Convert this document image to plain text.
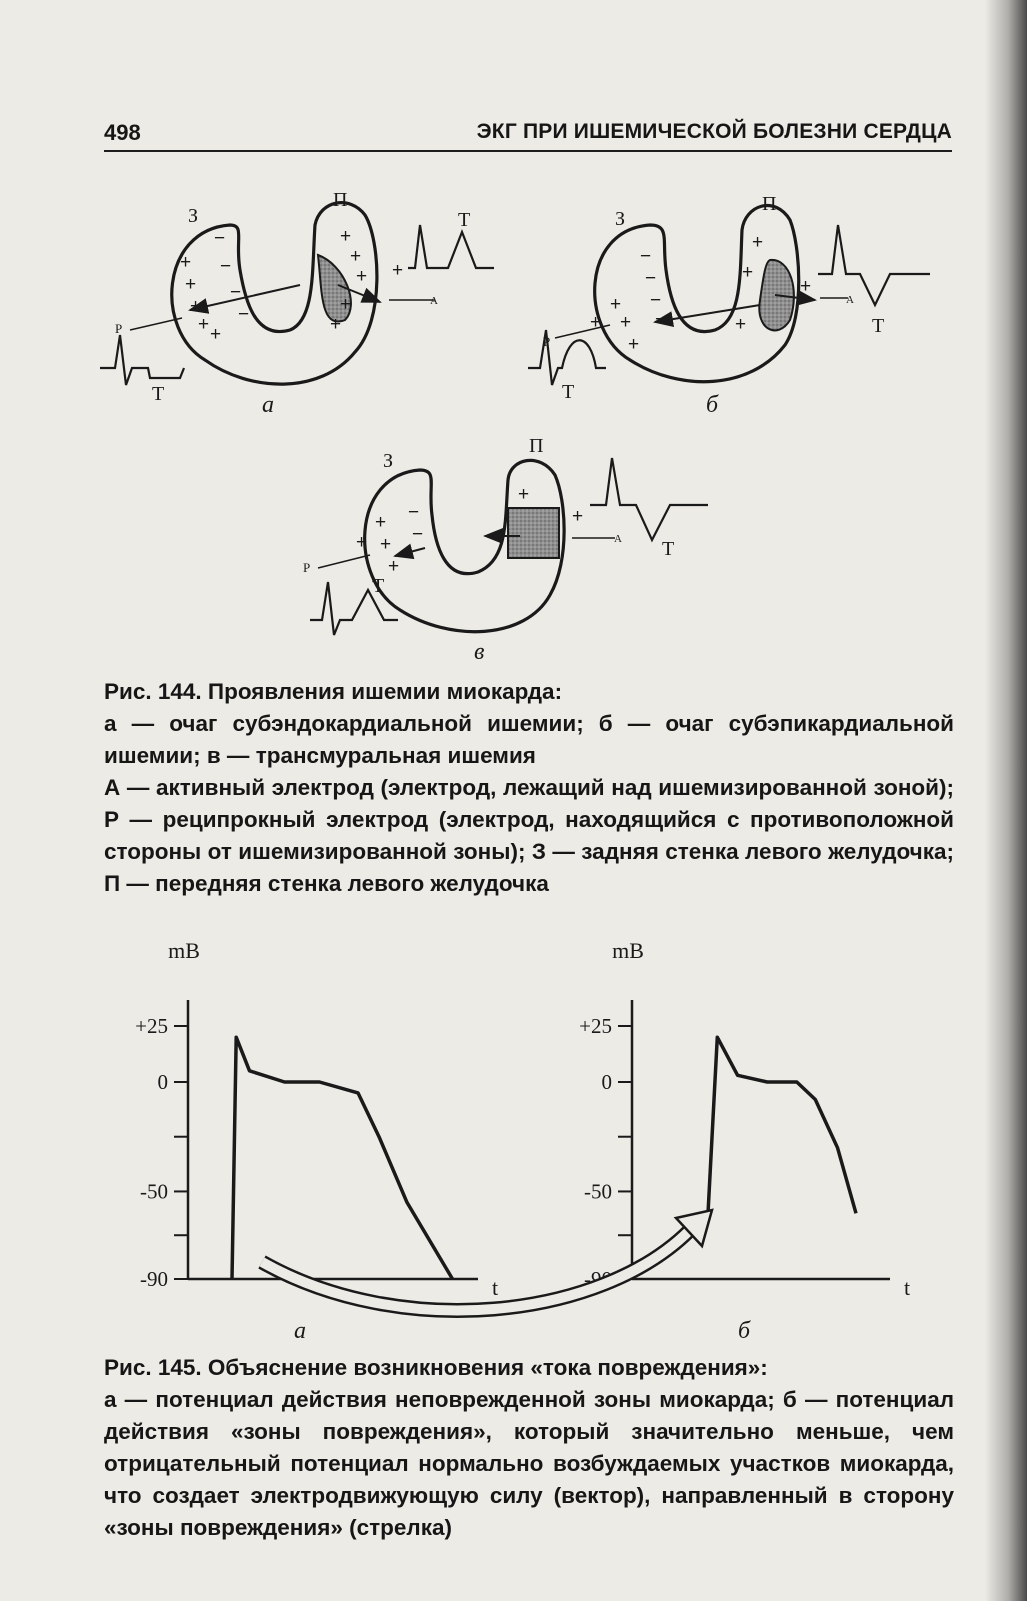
498	ЭКГ ПРИ ИШЕМИЧЕСКОЙ БОЛЕЗНИ СЕРДЦА
З
П
P
A
T
T
а
+
+
+
+ +
−
−
−
−
+
+
+
+
+
+
З
П
P
A
T
T
б
−
−
−
−
+
+
+
+
+
+
+
+
З
П
P
A
T
T
в
+
+
+
+
−
−
+
+

Рис. 144. Проявления ишемии миокарда:

а — очаг субэндокардиальной ишемии; б — очаг субэпикардиальной ишемии; в — трансмуральная ишемия

А — активный электрод (электрод, лежащий над ишемизированной зоной); Р — реципрокный электрод (электрод, находящийся с противоположной стороны от ишемизированной зоны); З — задняя стенка левого желудочка; П — передняя стенка левого желудочка

+25
0
-50
-90
mB
t
а
+25
0
-50
-90
mB
t
б

Рис. 145. Объяснение возникновения «тока повреждения»:

а — потенциал действия неповрежденной зоны миокарда; б — потенциал действия «зоны повреждения», который значительно меньше, чем отрицательный потенциал нормально возбуждаемых участков миокарда, что создает электродвижующую силу (вектор), направленный в сторону «зоны повреждения» (стрелка)
